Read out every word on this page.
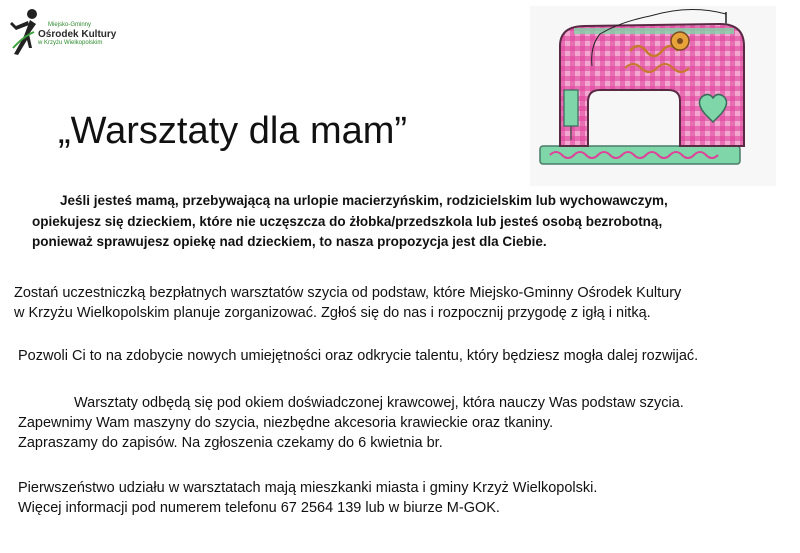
Miejsko-Gminny
Ośrodek Kultury
w Krzyżu Wielkopolskim
„Warsztaty dla mam”
Jeśli jesteś mamą, przebywającą na urlopie macierzyńskim, rodzicielskim lub wychowawczym,
opiekujesz się dzieckiem, które nie uczęszcza do żłobka/przedszkola lub jesteś osobą bezrobotną,
ponieważ sprawujesz opiekę nad dzieckiem, to nasza propozycja jest dla Ciebie.
Zostań uczestniczką bezpłatnych warsztatów szycia od podstaw, które Miejsko-Gminny Ośrodek Kultury
w Krzyżu Wielkopolskim planuje zorganizować. Zgłoś się do nas i rozpocznij przygodę z igłą i nitką.
Pozwoli Ci to na zdobycie nowych umiejętności oraz odkrycie talentu, który będziesz mogła dalej rozwijać.
Warsztaty odbędą się pod okiem doświadczonej krawcowej, która nauczy Was podstaw szycia.
Zapewnimy Wam maszyny do szycia, niezbędne akcesoria krawieckie oraz tkaniny.
Zapraszamy do zapisów. Na zgłoszenia czekamy do 6 kwietnia br.
Pierwszeństwo udziału w warsztatach mają mieszkanki miasta i gminy Krzyż Wielkopolski.
Więcej informacji pod numerem telefonu 67 2564 139 lub w biurze M-GOK.
